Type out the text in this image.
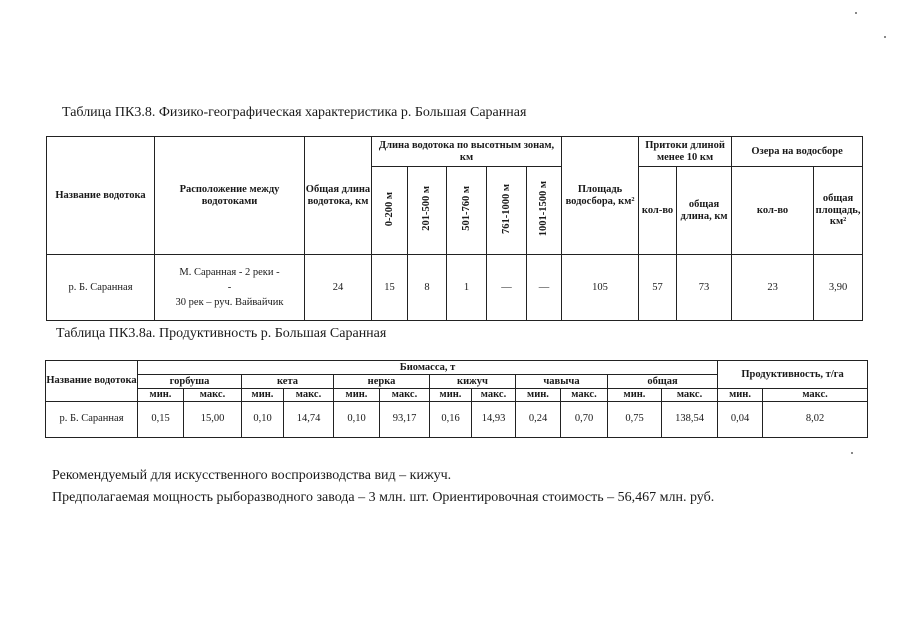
Таблица ПК3.8. Физико-географическая характеристика р. Большая Саранная
Название водотока	Расположение между водотоками	Общая длина водотока, км	Длина водотока по высотным зонам, км					Площадь водосбора, км²	Притоки длиной менее 10 км		Озера на водосборе	
			0-200 м	201-500 м	501-760 м	761-1000 м	1001-1500 м		кол-во	общая длина, км	кол-во	общая площадь, км²

р. Б. Саранная	М. Саранная - 2 реки -
-
30 рек – руч. Вайвайчик	24	15	8	1	—	—	105	57	73	23	3,90
Таблица ПК3.8а. Продуктивность р. Большая Саранная
Название водотока	Биомасса, т												Продуктивность, т/га	
	горбуша		кета		нерка		кижуч		чавыча		общая			
	мин.	макс.	мин.	макс.	мин.	макс.	мин.	макс.	мин.	макс.	мин.	макс.	мин.	макс.
р. Б. Саранная	0,15	15,00	0,10	14,74	0,10	93,17	0,16	14,93	0,24	0,70	0,75	138,54	0,04	8,02
Рекомендуемый для искусственного воспроизводства вид – кижуч.
Предполагаемая мощность рыборазводного завода – 3 млн. шт. Ориентировочная стоимость – 56,467 млн. руб.
